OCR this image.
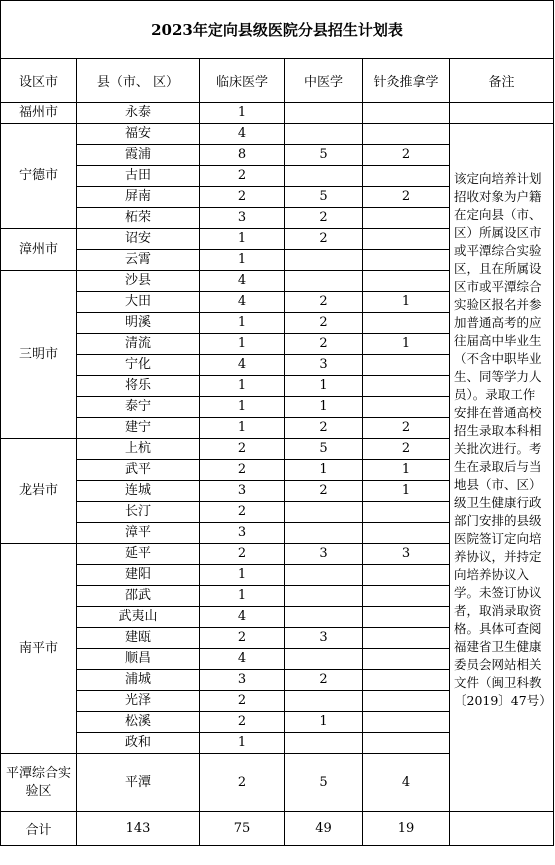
2023年定向县级医院分县招生计划表					
设区市	县（市、 区）	临床医学	中医学	针灸推拿学	备注
福州市	永泰	1			
宁德市	福安	4			该定向培养计划招收对象为户籍在定向县（市、区）所属设区市或平潭综合实验区，且在所属设区市或平潭综合实验区报名并参加普通高考的应往届高中毕业生（不含中职毕业生、同等学力人员）。录取工作安排在普通高校招生录取本科相关批次进行。考生在录取后与当地县（市、区）级卫生健康行政部门安排的县级医院签订定向培养协议，并持定向培养协议入学。未签订协议者，取消录取资格。具体可查阅福建省卫生健康委员会网站相关文件（闽卫科教〔2019〕47号）
	霞浦	8	5	2	
	古田	2			
	屏南	2	5	2	
	柘荣	3	2		
漳州市	诏安	1	2		
	云霄	1			
三明市	沙县	4			
	大田	4	2	1	
	明溪	1	2		
	清流	1	2	1	
	宁化	4	3		
	将乐	1	1		
	泰宁	1	1		
	建宁	1	2	2	
龙岩市	上杭	2	5	2	
	武平	2	1	1	
	连城	3	2	1	
	长汀	2			
	漳平	3			
南平市	延平	2	3	3	
	建阳	1			
	邵武	1			
	武夷山	4			
	建瓯	2	3		
	顺昌	4			
	浦城	3	2		
	光泽	2			
	松溪	2	1		
	政和	1			
平潭综合实验区	平潭	2	5	4	
合计	143	75	49	19	
